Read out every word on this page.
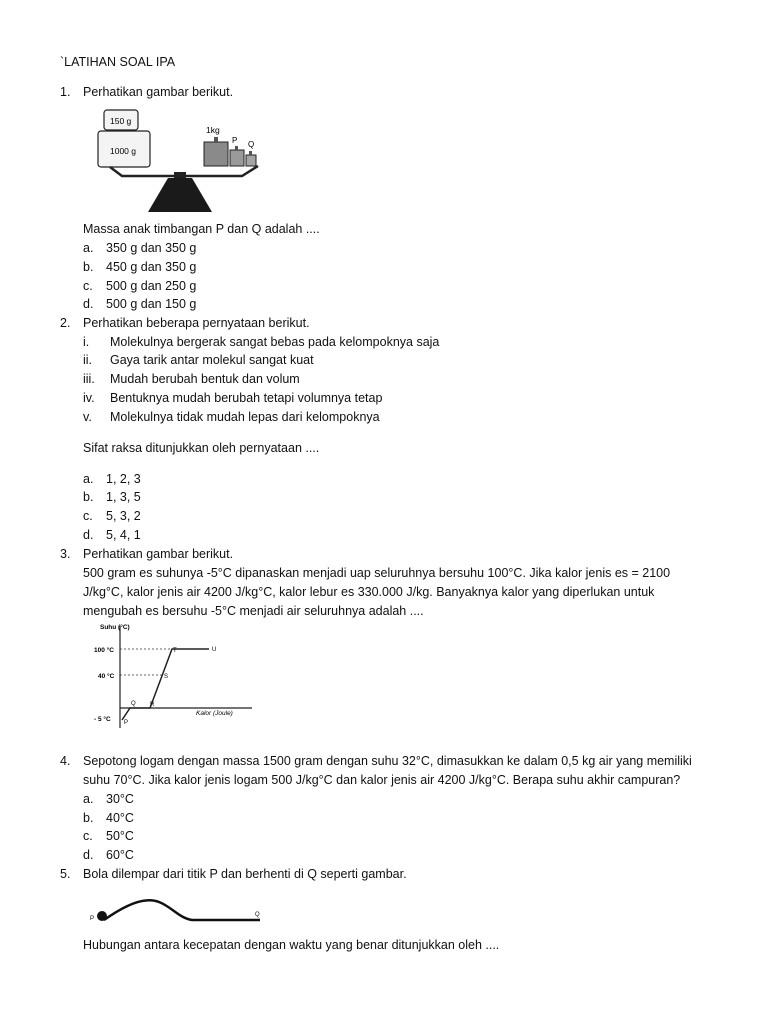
`LATIHAN SOAL IPA
1. Perhatikan gambar berikut.
150 g
1000 g
1kg
P Q
Massa anak timbangan P dan Q adalah ....
a. 350 g dan 350 g
b. 450 g dan 350 g
c. 500 g dan 250 g
d. 500 g dan 150 g
2. Perhatikan beberapa pernyataan berikut.
i. Molekulnya bergerak sangat bebas pada kelompoknya saja
ii. Gaya tarik antar molekul sangat kuat
iii. Mudah berubah bentuk dan volum
iv. Bentuknya mudah berubah tetapi volumnya tetap
v. Molekulnya tidak mudah lepas dari kelompoknya
Sifat raksa ditunjukkan oleh pernyataan ....
a. 1, 2, 3
b. 1, 3, 5
c. 5, 3, 2
d. 5, 4, 1
3. Perhatikan gambar berikut.
500 gram es suhunya -5°C dipanaskan menjadi uap seluruhnya bersuhu 100°C. Jika kalor jenis es = 2100
J/kg°C, kalor jenis air 4200 J/kg°C, kalor lebur es 330.000 J/kg. Banyaknya kalor yang diperlukan untuk
mengubah es bersuhu -5°C menjadi air seluruhnya adalah ....
Suhu (°C)
Kalor (Joule)
100 °C
40 °C
- 5 °C P
Q R
S
T	U
4. Sepotong logam dengan massa 1500 gram dengan suhu 32°C, dimasukkan ke dalam 0,5 kg air yang memiliki
suhu 70°C. Jika kalor jenis logam 500 J/kg°C dan kalor jenis air 4200 J/kg°C. Berapa suhu akhir campuran?
a. 30°C
b. 40°C
c. 50°C
d. 60°C
5. Bola dilempar dari titik P dan berhenti di Q seperti gambar.
P
Q
Hubungan antara kecepatan dengan waktu yang benar ditunjukkan oleh ....
